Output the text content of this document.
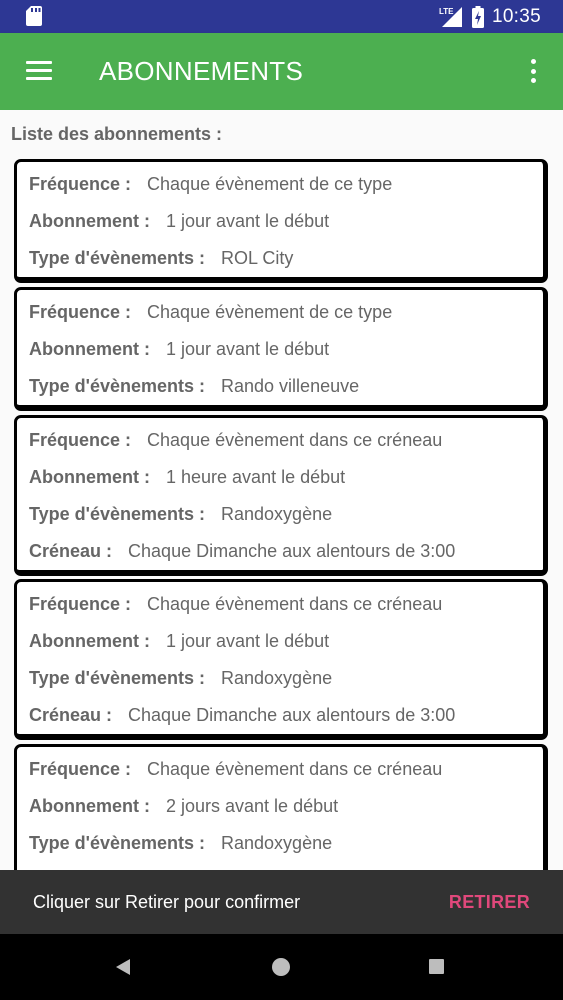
LTE 10:35
ABONNEMENTS
Liste des abonnements :
Fréquence : Chaque évènement de ce type
Abonnement : 1 jour avant le début
Type d'évènements : ROL City
Fréquence : Chaque évènement de ce type
Abonnement : 1 jour avant le début
Type d'évènements : Rando villeneuve
Fréquence : Chaque évènement dans ce créneau
Abonnement : 1 heure avant le début
Type d'évènements : Randoxygène
Créneau : Chaque Dimanche aux alentours de 3:00
Fréquence : Chaque évènement dans ce créneau
Abonnement : 1 jour avant le début
Type d'évènements : Randoxygène
Créneau : Chaque Dimanche aux alentours de 3:00
Fréquence : Chaque évènement dans ce créneau
Abonnement : 2 jours avant le début
Type d'évènements : Randoxygène
Cliquer sur Retirer pour confirmer	RETIRER
